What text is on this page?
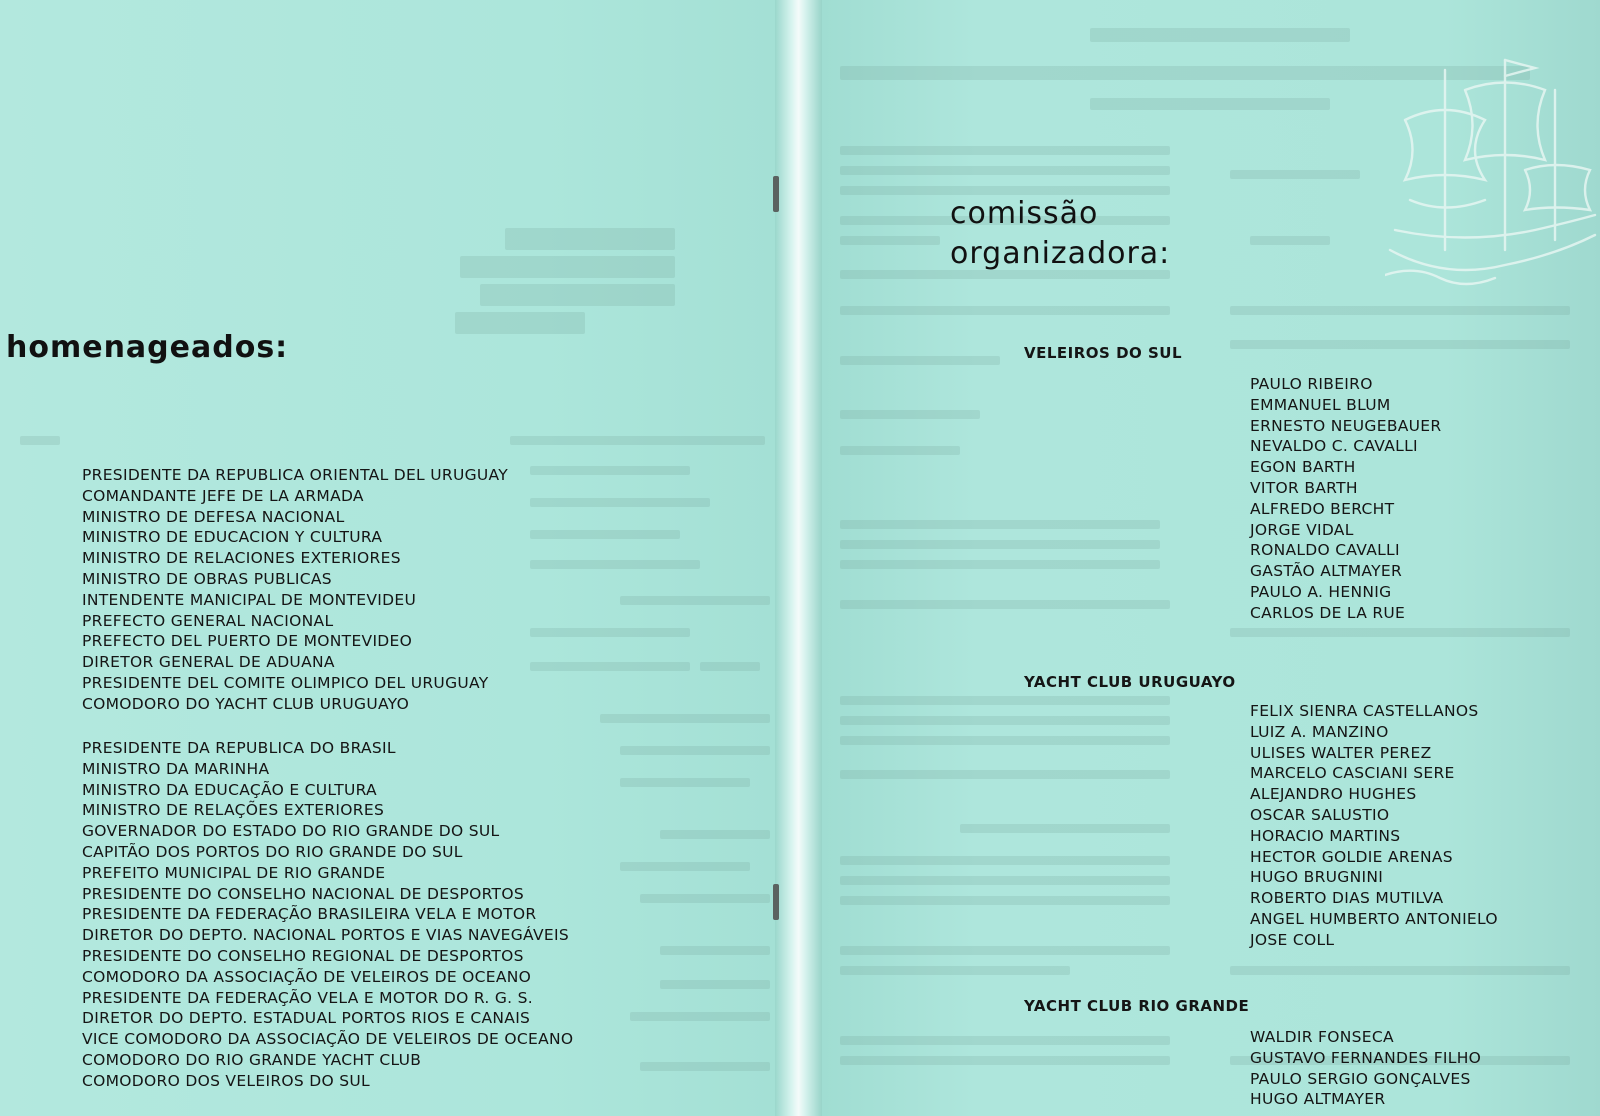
homenageados:
PRESIDENTE DA REPUBLICA ORIENTAL DEL URUGUAY
COMANDANTE JEFE DE LA ARMADA
MINISTRO DE DEFESA NACIONAL
MINISTRO DE EDUCACION Y CULTURA
MINISTRO DE RELACIONES EXTERIORES
MINISTRO DE OBRAS PUBLICAS
INTENDENTE MANICIPAL DE MONTEVIDEU
PREFECTO GENERAL NACIONAL
PREFECTO DEL PUERTO DE MONTEVIDEO
DIRETOR GENERAL DE ADUANA
PRESIDENTE DEL COMITE OLIMPICO DEL URUGUAY
COMODORO DO YACHT CLUB URUGUAYO
PRESIDENTE DA REPUBLICA DO BRASIL
MINISTRO DA MARINHA
MINISTRO DA EDUCAÇÃO E CULTURA
MINISTRO DE RELAÇÕES EXTERIORES
GOVERNADOR DO ESTADO DO RIO GRANDE DO SUL
CAPITÃO DOS PORTOS DO RIO GRANDE DO SUL
PREFEITO MUNICIPAL DE RIO GRANDE
PRESIDENTE DO CONSELHO NACIONAL DE DESPORTOS
PRESIDENTE DA FEDERAÇÃO BRASILEIRA VELA E MOTOR
DIRETOR DO DEPTO. NACIONAL PORTOS E VIAS NAVEGÁVEIS
PRESIDENTE DO CONSELHO REGIONAL DE DESPORTOS
COMODORO DA ASSOCIAÇÃO DE VELEIROS DE OCEANO
PRESIDENTE DA FEDERAÇÃO VELA E MOTOR DO R. G. S.
DIRETOR DO DEPTO. ESTADUAL PORTOS RIOS E CANAIS
VICE COMODORO DA ASSOCIAÇÃO DE VELEIROS DE OCEANO
COMODORO DO RIO GRANDE YACHT CLUB
COMODORO DOS VELEIROS DO SUL
comissão
organizadora:
VELEIROS DO SUL
PAULO RIBEIRO
EMMANUEL BLUM
ERNESTO NEUGEBAUER
NEVALDO C. CAVALLI
EGON BARTH
VITOR BARTH
ALFREDO BERCHT
JORGE VIDAL
RONALDO CAVALLI
GASTÃO ALTMAYER
PAULO A. HENNIG
CARLOS DE LA RUE
YACHT CLUB URUGUAYO
FELIX SIENRA CASTELLANOS
LUIZ A. MANZINO
ULISES WALTER PEREZ
MARCELO CASCIANI SERE
ALEJANDRO HUGHES
OSCAR SALUSTIO
HORACIO MARTINS
HECTOR GOLDIE ARENAS
HUGO BRUGNINI
ROBERTO DIAS MUTILVA
ANGEL HUMBERTO ANTONIELO
JOSE COLL
YACHT CLUB RIO GRANDE
WALDIR FONSECA
GUSTAVO FERNANDES FILHO
PAULO SERGIO GONÇALVES
HUGO ALTMAYER
